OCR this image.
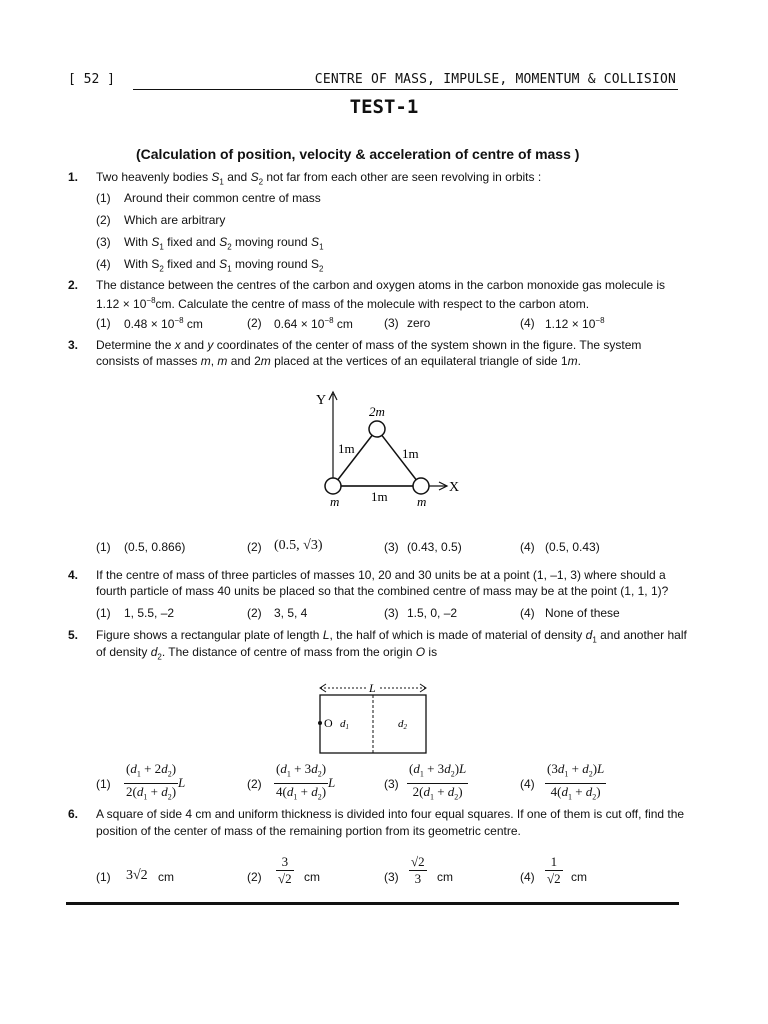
[ 52 ]	CENTRE OF MASS, IMPULSE, MOMENTUM & COLLISION
TEST-1
(Calculation of position, velocity & acceleration of centre of mass )
1. Two heavenly bodies $S_1$ and $S_2$ not far from each other are seen revolving in orbits :
(1) Around their common centre of mass
(2) Which are arbitrary
(3) With $S_1$ fixed and $S_2$ moving round $S_1$
(4) With $S_2$ fixed and $S_1$ moving round $S_2$
2. The distance between the centres of the carbon and oxygen atoms in the carbon monoxide gas molecule is
$1.12 \times 10^{-8}cm$. Calculate the centre of mass of the molecule with respect to the carbon atom.
(1) $0.48 \times 10^{-8}$ cm	(2) $0.64 \times 10^{-8}$ cm	(3) zero	(4) $1.12 \times 10^{-8}$
3. Determine the x and y coordinates of the center of mass of the system shown in the figure. The system
consists of masses m, m and 2m placed at the vertices of an equilateral triangle of side 1m.
Y
X
2m
m	m
1m	1m
1m
(1) (0.5, 0.866)	(2) (0.5, √3)	(3) (0.43, 0.5)	(4) (0.5, 0.43)
4. If the centre of mass of three particles of masses 10, 20 and 30 units be at a point (1, –1, 3) where should a
fourth particle of mass 40 units be placed so that the combined centre of mass may be at the point (1, 1, 1)?
(1) 1, 5.5, –2	(2) 3, 5, 4	(3) 1.5, 0, –2	(4) None of these
5. Figure shows a rectangular plate of length L, the half of which is made of material of density $d_1$ and another half
of density $d_2$. The distance of centre of mass from the origin O is
L
O d1	d2
$(1) \frac{(d_1 + 2d_2)}{2(d_1 + d_2)}$ L	$(2) \frac{(d_1 + 3d_2)}{4(d_1 + d_2)}$ L	$(3) \frac{(d_1 + 3d_2)L}{2(d_1 + d_2)}$	$(4) \frac{(3d_1 + d_2)L}{4(d_1 + d_2)}$
6. A square of side 4 cm and uniform thickness is divided into four equal squares. If one of them is cut off, find the
position of the center of mass of the remaining portion from its geometric centre.
(1) 3√2 cm	$(2) \frac{3}{√2}$ cm	$(3) \frac{√2}{3}$ cm	$(4) \frac{1}{√2}$ cm
